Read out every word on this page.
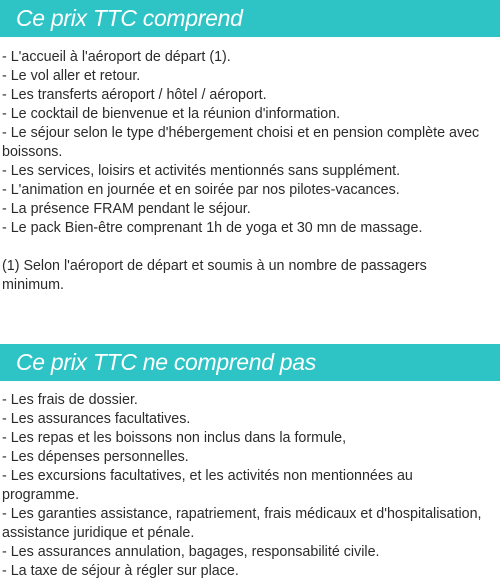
Ce prix TTC comprend
- L'accueil à l'aéroport de départ (1).
- Le vol aller et retour.
- Les transferts aéroport / hôtel / aéroport.
- Le cocktail de bienvenue et la réunion d'information.
- Le séjour selon le type d'hébergement choisi et en pension complète avec boissons.
- Les services, loisirs et activités mentionnés sans supplément.
- L'animation en journée et en soirée par nos pilotes-vacances.
- La présence FRAM pendant le séjour.
- Le pack Bien-être comprenant 1h de yoga et 30 mn de massage.

(1) Selon l'aéroport de départ et soumis à un nombre de passagers minimum.

Ce prix TTC ne comprend pas
- Les frais de dossier.
- Les assurances facultatives.
- Les repas et les boissons non inclus dans la formule,
- Les dépenses personnelles.
- Les excursions facultatives, et les activités non mentionnées au programme.
- Les garanties assistance, rapatriement, frais médicaux et d'hospitalisation, assistance juridique et pénale.
- Les assurances annulation, bagages, responsabilité civile.
- La taxe de séjour à régler sur place.
